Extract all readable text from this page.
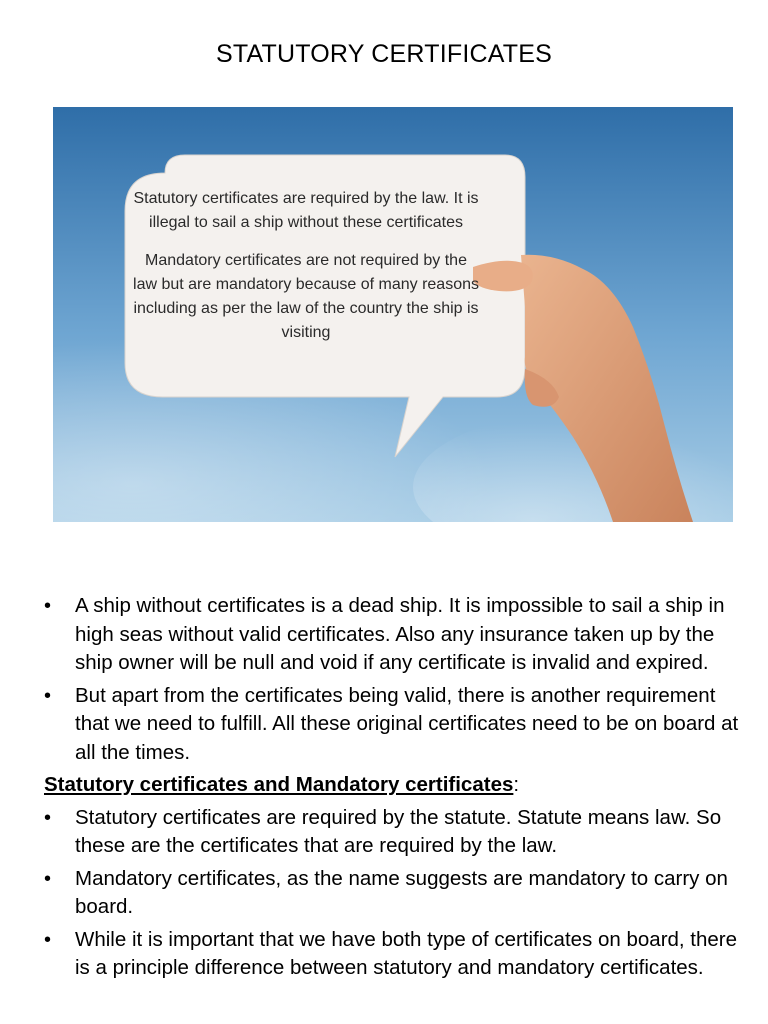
STATUTORY CERTIFICATES

Statutory certificates are required by the law. It is illegal to sail a ship without these certificates

Mandatory certificates are not required by the law but are mandatory because of many reasons including as per the law of the country the ship is visiting

• A ship without certificates is a dead ship. It is impossible to sail a ship in high seas without valid certificates. Also any insurance taken up by the ship owner will be null and void if any certificate is invalid and expired.
• But apart from the certificates being valid, there is another requirement that we need to fulfill. All these original certificates need to be on board at all the times.
Statutory certificates and Mandatory certificates:
• Statutory certificates are required by the statute. Statute means law. So these are the certificates that are required by the law.
• Mandatory certificates, as the name suggests are mandatory to carry on board.
• While it is important that we have both type of certificates on board, there is a principle difference between statutory and mandatory certificates.
